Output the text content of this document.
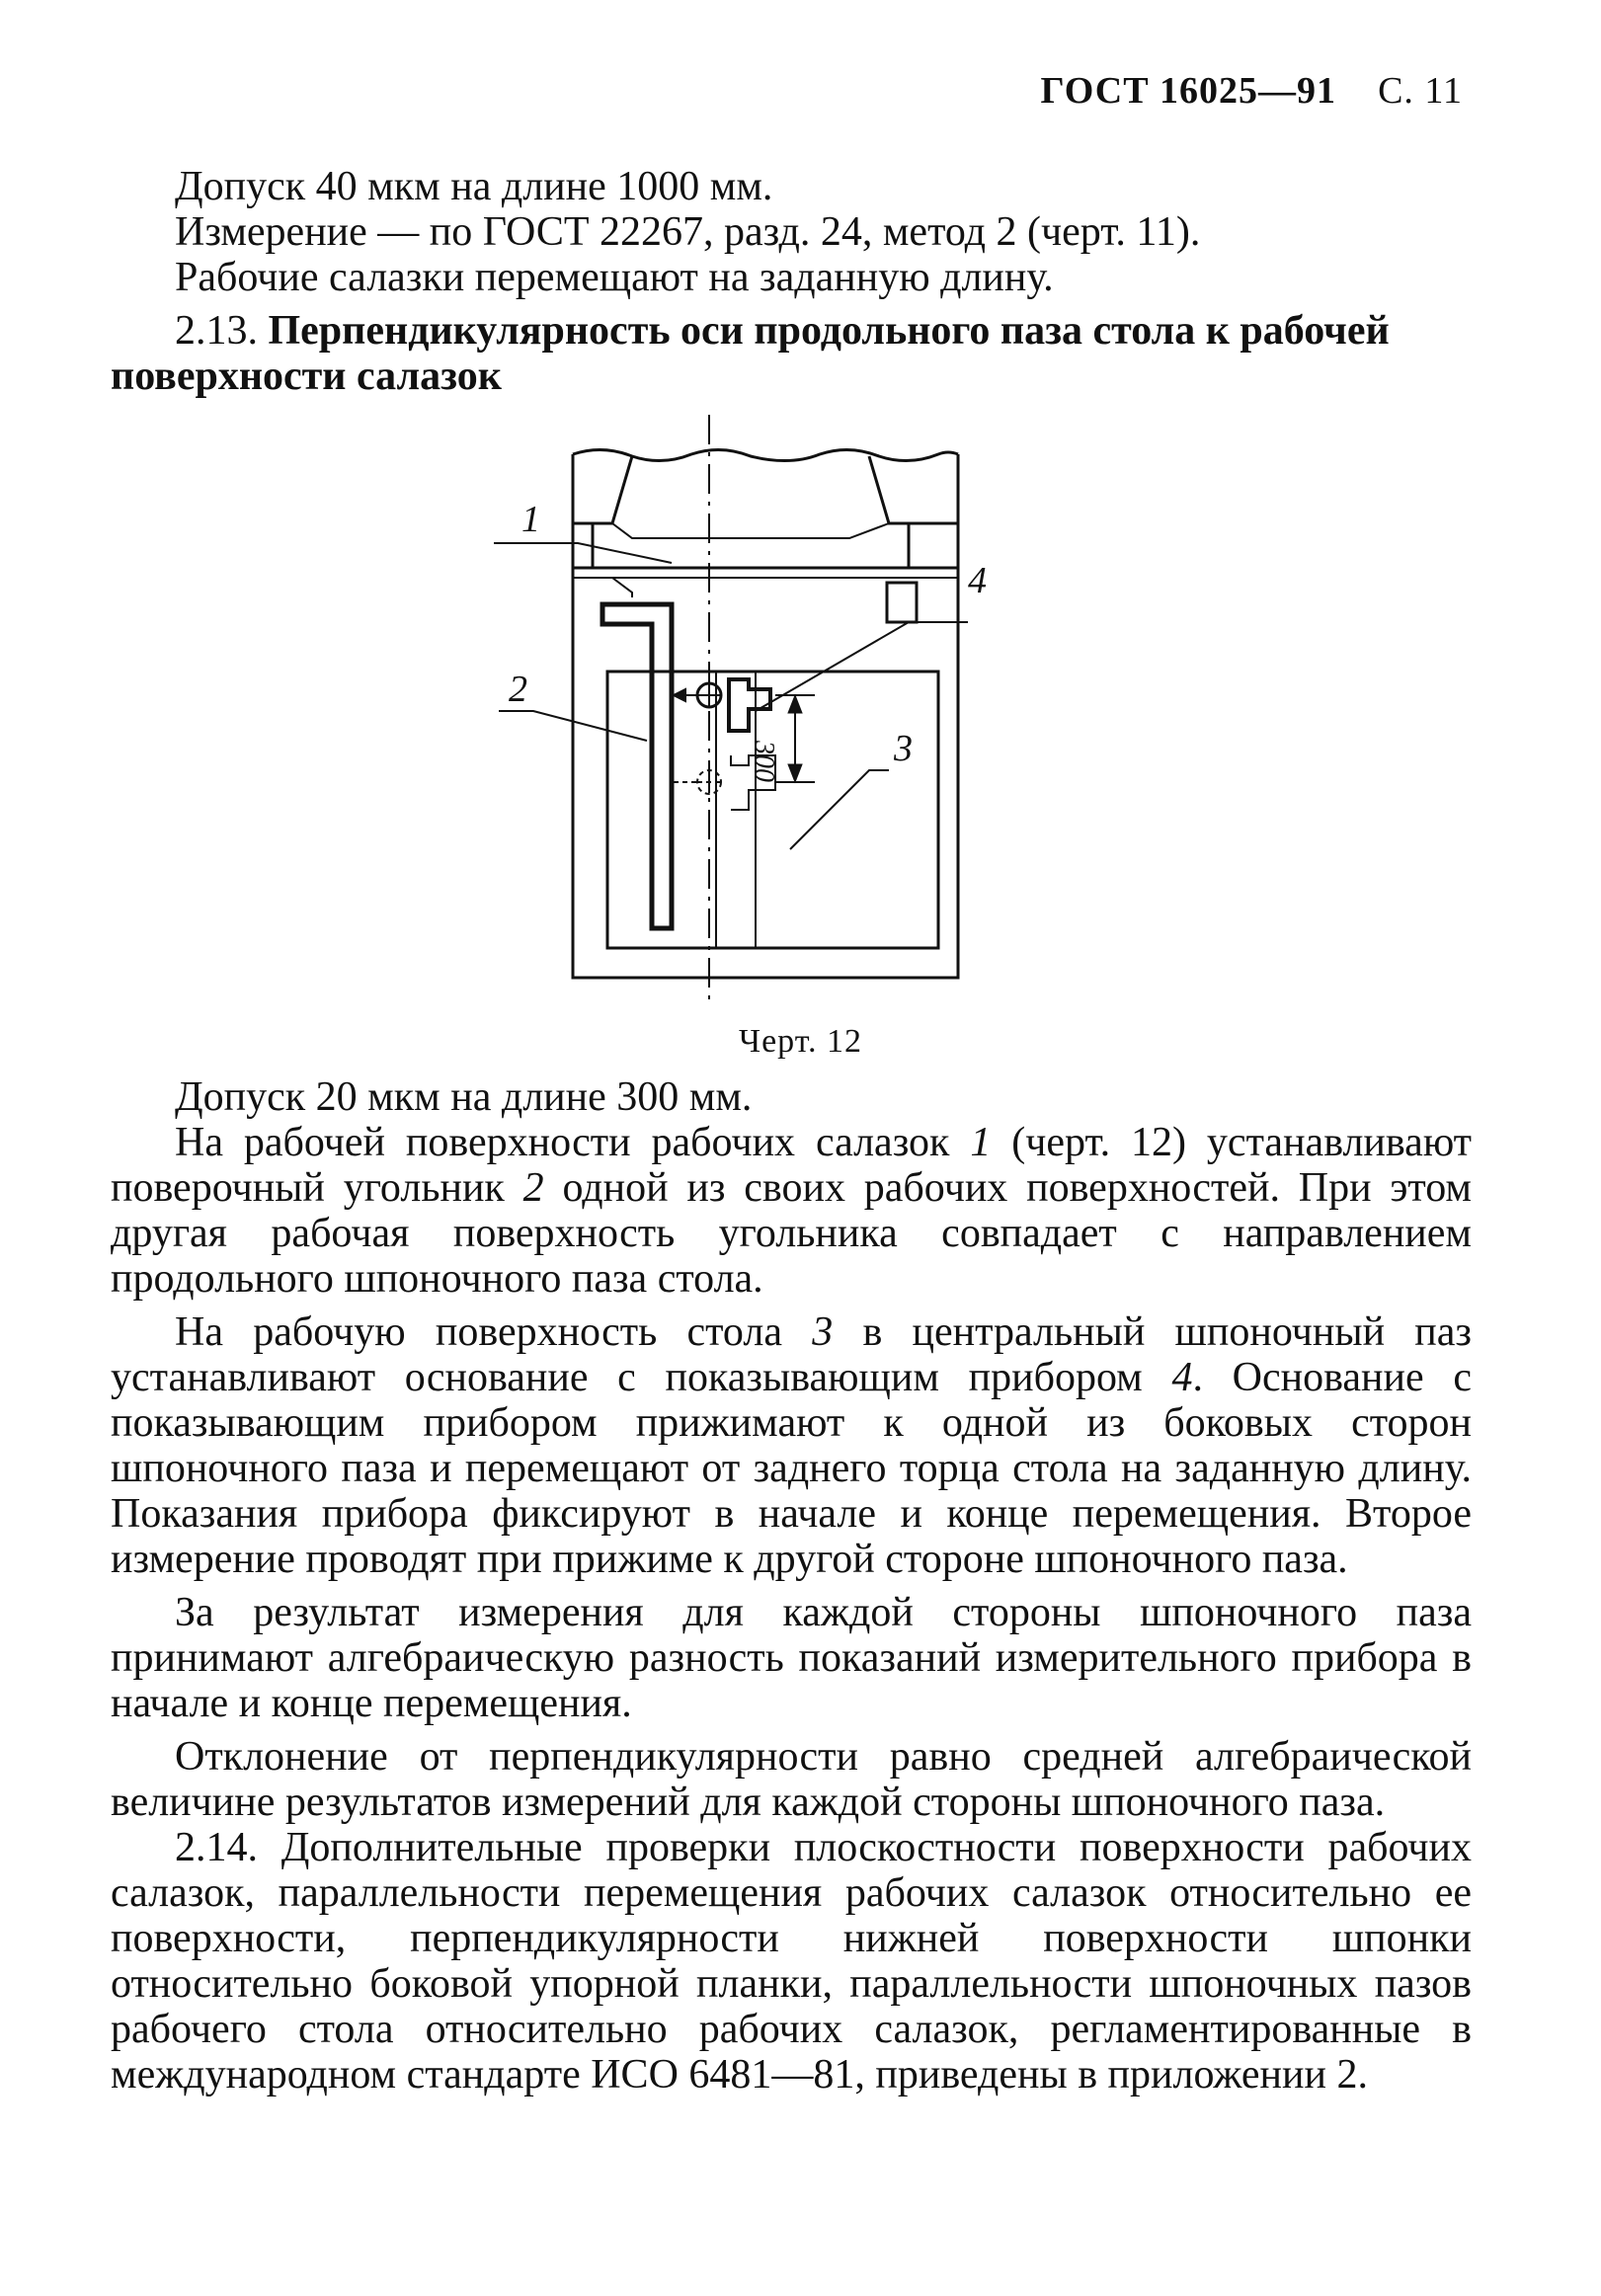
ГОСТ 16025—91 С. 11

Допуск 40 мкм на длине 1000 мм.

Измерение — по ГОСТ 22267, разд. 24, метод 2 (черт. 11).

Рабочие салазки перемещают на заданную длину.

2.13. Перпендикулярность оси продольного паза стола к рабочей поверхности салазок

300
1
2
3
4
Черт. 12

Допуск 20 мкм на длине 300 мм.

На рабочей поверхности рабочих салазок 1 (черт. 12) устанавливают поверочный угольник 2 одной из своих рабочих поверхностей. При этом другая рабочая поверхность угольника совпадает с направлением продольного шпоночного паза стола.

На рабочую поверхность стола 3 в центральный шпоночный паз устанавливают основание с показывающим прибором 4. Основание с показывающим прибором прижимают к одной из боковых сторон шпоночного паза и перемещают от заднего торца стола на заданную длину. Показания прибора фиксируют в начале и конце перемещения. Второе измерение проводят при прижиме к другой стороне шпоночного паза.

За результат измерения для каждой стороны шпоночного паза принимают алгебраическую разность показаний измерительного прибора в начале и конце перемещения.

Отклонение от перпендикулярности равно средней алгебраической величине результатов измерений для каждой стороны шпоночного паза.

2.14. Дополнительные проверки плоскостности поверхности рабочих салазок, параллельности перемещения рабочих салазок относительно ее поверхности, перпендикулярности нижней поверхности шпонки относительно боковой упорной планки, параллельности шпоночных пазов рабочего стола относительно рабочих салазок, регламентированные в международном стандарте ИСО 6481—81, приведены в приложении 2.
